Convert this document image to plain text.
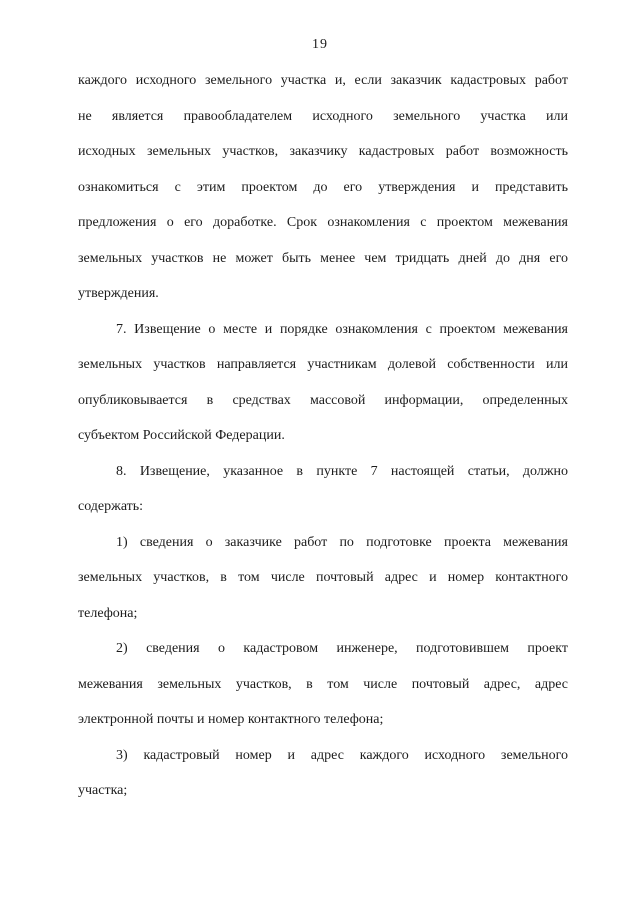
19
каждого исходного земельного участка и, если заказчик кадастровых работ
не является правообладателем исходного земельного участка или
исходных земельных участков, заказчику кадастровых работ возможность
ознакомиться с этим проектом до его утверждения и представить
предложения о его доработке. Срок ознакомления с проектом межевания
земельных участков не может быть менее чем тридцать дней до дня его
утверждения.
7. Извещение о месте и порядке ознакомления с проектом межевания
земельных участков направляется участникам долевой собственности или
опубликовывается в средствах массовой информации, определенных
субъектом Российской Федерации.
8. Извещение, указанное в пункте 7 настоящей статьи, должно
содержать:
1) сведения о заказчике работ по подготовке проекта межевания
земельных участков, в том числе почтовый адрес и номер контактного
телефона;
2) сведения о кадастровом инженере, подготовившем проект
межевания земельных участков, в том числе почтовый адрес, адрес
электронной почты и номер контактного телефона;
3) кадастровый номер и адрес каждого исходного земельного
участка;
